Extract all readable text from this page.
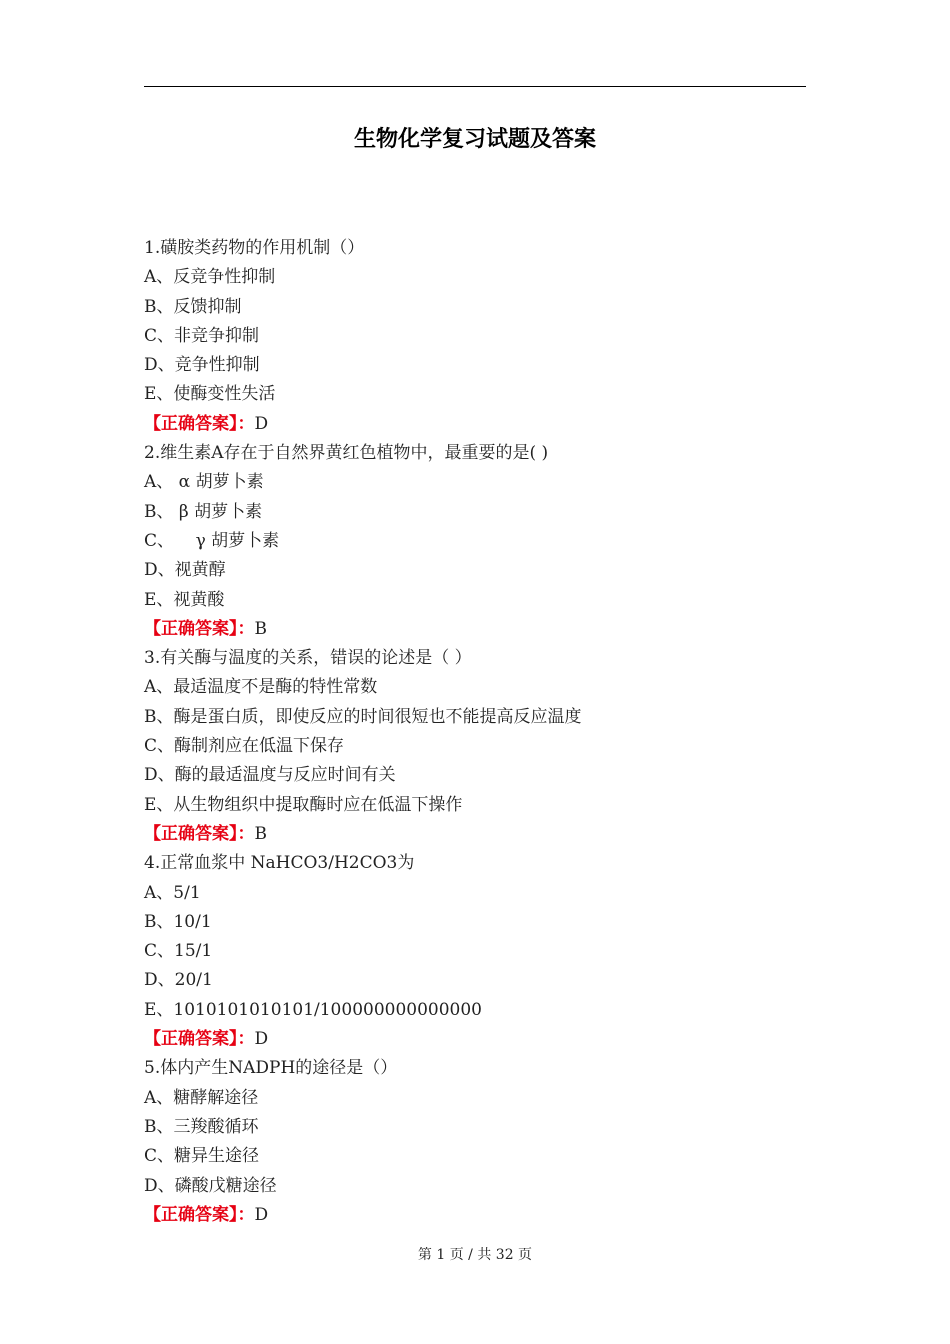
生物化学复习试题及答案
1.磺胺类药物的作用机制（）
A、反竞争性抑制
B、反馈抑制
C、非竞争抑制
D、竞争性抑制
E、使酶变性失活
【正确答案】：D
2.维生素A存在于自然界黄红色植物中，最重要的是( )
A、 α 胡萝卜素
B、 β 胡萝卜素
C、    γ 胡萝卜素
D、视黄醇
E、视黄酸
【正确答案】：B
3.有关酶与温度的关系，错误的论述是（ ）
A、最适温度不是酶的特性常数
B、酶是蛋白质，即使反应的时间很短也不能提高反应温度
C、酶制剂应在低温下保存
D、酶的最适温度与反应时间有关
E、从生物组织中提取酶时应在低温下操作
【正确答案】：B
4.正常血浆中 NaHCO3/H2CO3为
A、5/1
B、10/1
C、15/1
D、20/1
E、1010101010101/100000000000000
【正确答案】：D
5.体内产生NADPH的途径是（）
A、糖酵解途径
B、三羧酸循环
C、糖异生途径
D、磷酸戊糖途径
【正确答案】：D
第 1 页 / 共 32 页
